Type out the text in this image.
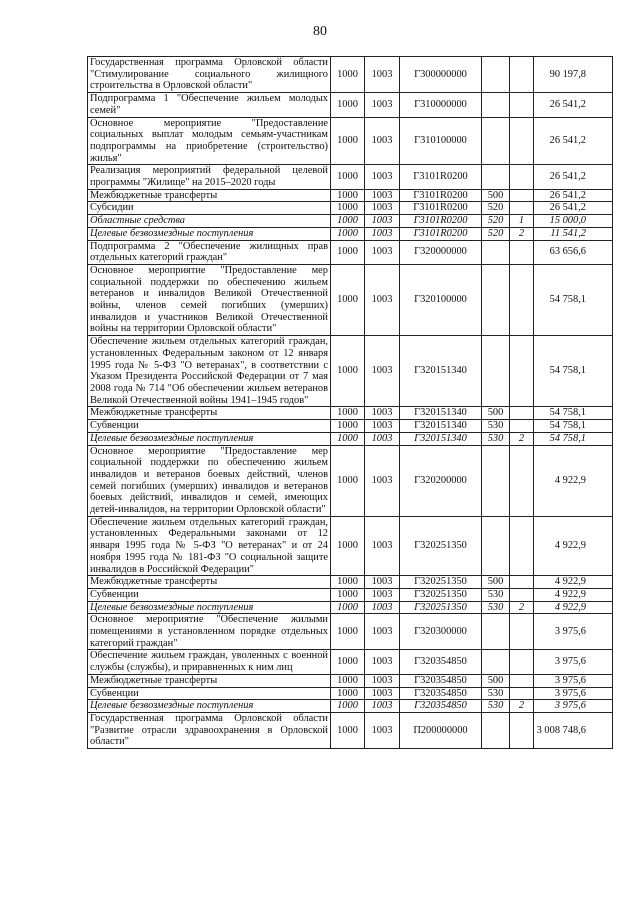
80
Государственная программа Орловской области "Стимулирование социального жилищного строительства в Орловской области"	1000	1003	Г300000000			90 197,8
Подпрограмма 1 "Обеспечение жильем молодых семей"	1000	1003	Г310000000			26 541,2
Основное мероприятие "Предоставление социальных выплат молодым семьям-участникам подпрограммы на приобретение (строительство) жилья"	1000	1003	Г310100000			26 541,2
Реализация мероприятий федеральной целевой программы "Жилище" на 2015–2020 годы	1000	1003	Г3101R0200			26 541,2
Межбюджетные трансферты	1000	1003	Г3101R0200	500		26 541,2
Субсидии	1000	1003	Г3101R0200	520		26 541,2
Областные средства	1000	1003	Г3101R0200	520	1	15 000,0
Целевые безвозмездные поступления	1000	1003	Г3101R0200	520	2	11 541,2
Подпрограмма 2 "Обеспечение жилищных прав отдельных категорий граждан"	1000	1003	Г320000000			63 656,6
Основное мероприятие "Предоставление мер социальной поддержки по обеспечению жильем ветеранов и инвалидов Великой Отечественной войны, членов семей погибших (умерших) инвалидов и участников Великой Отечественной войны на территории Орловской области"	1000	1003	Г320100000			54 758,1
Обеспечение жильем отдельных категорий граждан, установленных Федеральным законом от 12 января 1995 года № 5-ФЗ "О ветеранах", в соответствии с Указом Президента Российской Федерации от 7 мая 2008 года № 714 "Об обеспечении жильем ветеранов Великой Отечественной войны 1941–1945 годов"	1000	1003	Г320151340			54 758,1
Межбюджетные трансферты	1000	1003	Г320151340	500		54 758,1
Субвенции	1000	1003	Г320151340	530		54 758,1
Целевые безвозмездные поступления	1000	1003	Г320151340	530	2	54 758,1
Основное мероприятие "Предоставление мер социальной поддержки по обеспечению жильем инвалидов и ветеранов боевых действий, членов семей погибших (умерших) инвалидов и ветеранов боевых действий, инвалидов и семей, имеющих детей-инвалидов, на территории Орловской области"	1000	1003	Г320200000			4 922,9
Обеспечение жильем отдельных категорий граждан, установленных Федеральными законами от 12 января 1995 года № 5-ФЗ "О ветеранах" и от 24 ноября 1995 года № 181-ФЗ "О социальной защите инвалидов в Российской Федерации"	1000	1003	Г320251350			4 922,9
Межбюджетные трансферты	1000	1003	Г320251350	500		4 922,9
Субвенции	1000	1003	Г320251350	530		4 922,9
Целевые безвозмездные поступления	1000	1003	Г320251350	530	2	4 922,9
Основное мероприятие "Обеспечение жилыми помещениями в установленном порядке отдельных категорий граждан"	1000	1003	Г320300000			3 975,6
Обеспечение жильем граждан, уволенных с военной службы (службы), и приравненных к ним лиц	1000	1003	Г320354850			3 975,6
Межбюджетные трансферты	1000	1003	Г320354850	500		3 975,6
Субвенции	1000	1003	Г320354850	530		3 975,6
Целевые безвозмездные поступления	1000	1003	Г320354850	530	2	3 975,6
Государственная программа Орловской области "Развитие отрасли здравоохранения в Орловской области"	1000	1003	П200000000			3 008 748,6
